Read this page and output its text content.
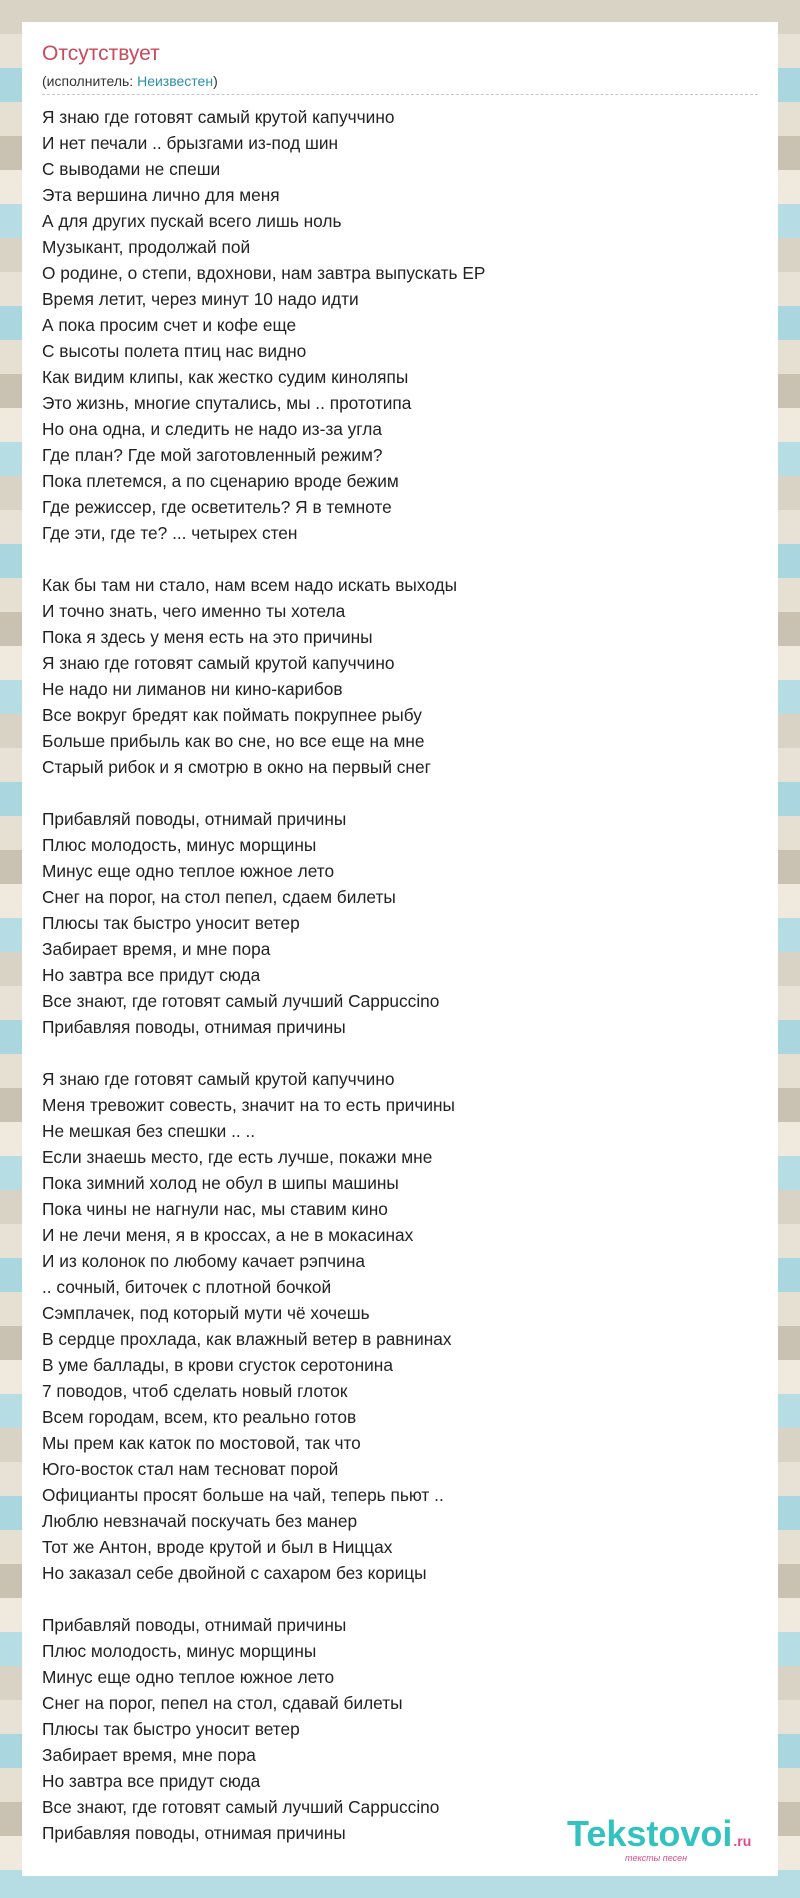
Отсутствует
(исполнитель: Неизвестен)
Я знаю где готовят самый крутой капуччино
И нет печали .. брызгами из-под шин
С выводами не спеши
Эта вершина лично для меня
А для других пускай всего лишь ноль
Музыкант, продолжай пой
О родине, о степи, вдохнови, нам завтра выпускать EP
Время летит, через минут 10 надо идти
А пока просим счет и кофе еще
С высоты полета птиц нас видно
Как видим клипы, как жестко судим киноляпы
Это жизнь, многие спутались, мы .. прототипа
Но она одна, и следить не надо из-за угла
Где план? Где мой заготовленный режим?
Пока плетемся, а по сценарию вроде бежим
Где режиссер, где осветитель? Я в темноте
Где эти, где те? ... четырех стен
Как бы там ни стало, нам всем надо искать выходы
И точно знать, чего именно ты хотела
Пока я здесь у меня есть на это причины
Я знаю где готовят самый крутой капуччино
Не надо ни лиманов ни кино-карибов
Все вокруг бредят как поймать покрупнее рыбу
Больше прибыль как во сне, но все еще на мне
Старый рибок и я смотрю в окно на первый снег
Прибавляй поводы, отнимай причины
Плюс молодость, минус морщины
Минус еще одно теплое южное лето
Снег на порог, на стол пепел, сдаем билеты
Плюсы так быстро уносит ветер
Забирает время, и мне пора
Но завтра все придут сюда
Все знают, где готовят самый лучший Cappuccino
Прибавляя поводы, отнимая причины
Я знаю где готовят самый крутой капуччино
Меня тревожит совесть, значит на то есть причины
Не мешкая без спешки .. ..
Если знаешь место, где есть лучше, покажи мне
Пока зимний холод не обул в шипы машины
Пока чины не нагнули нас, мы ставим кино
И не лечи меня, я в кроссах, а не в мокасинах
И из колонок по любому качает рэпчина
.. сочный, биточек с плотной бочкой
Сэмплачек, под который мути чё хочешь
В сердце прохлада, как влажный ветер в равнинах
В уме баллады, в крови сгусток серотонина
7 поводов, чтоб сделать новый глоток
Всем городам, всем, кто реально готов
Мы прем как каток по мостовой, так что
Юго-восток стал нам тесноват порой
Официанты просят больше на чай, теперь пьют ..
Люблю невзначай поскучать без манер
Тот же Антон, вроде крутой и был в Ниццах
Но заказал себе двойной с сахаром без корицы
Прибавляй поводы, отнимай причины
Плюс молодость, минус морщины
Минус еще одно теплое южное лето
Снег на порог, пепел на стол, сдавай билеты
Плюсы так быстро уносит ветер
Забирает время, мне пора
Но завтра все придут сюда
Все знают, где готовят самый лучший Cappuccino
Прибавляя поводы, отнимая причины	Tekstovoi.ru
тексты песен
